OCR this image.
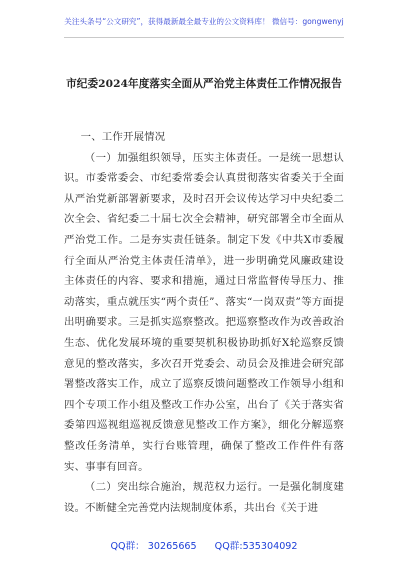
关注头条号“公文研究”，获得最新最全最专业的公文资料库！ 微信号：gongwenyj
市纪委2024年度落实全面从严治党主体责任工作情况报告

一、工作开展情况

（一）加强组织领导，压实主体责任。一是统一思想认识。市委常委会、市纪委常委会认真贯彻落实省委关于全面从严治党新部署新要求，及时召开会议传达学习中央纪委二次全会、省纪委二十届七次全会精神，研究部署全市全面从严治党工作。二是夯实责任链条。制定下发《中共X市委履行全面从严治党主体责任清单》，进一步明确党风廉政建设主体责任的内容、要求和措施，通过日常监督传导压力、推动落实，重点就压实“两个责任”、落实“一岗双责”等方面提出明确要求。三是抓实巡察整改。把巡察整改作为改善政治生态、优化发展环境的重要契机积极协助抓好X轮巡察反馈意见的整改落实，多次召开党委会、动员会及推进会研究部署整改落实工作，成立了巡察反馈问题整改工作领导小组和四个专项工作小组及整改工作办公室，出台了《关于落实省委第四巡视组巡视反馈意见整改工作方案》，细化分解巡察整改任务清单，实行台账管理，确保了整改工作件件有落实、事事有回音。

（二）突出综合施治，规范权力运行。一是强化制度建设。不断健全完善党内法规制度体系，共出台《关于进

QQ群： 30265665 QQ群:535304092
